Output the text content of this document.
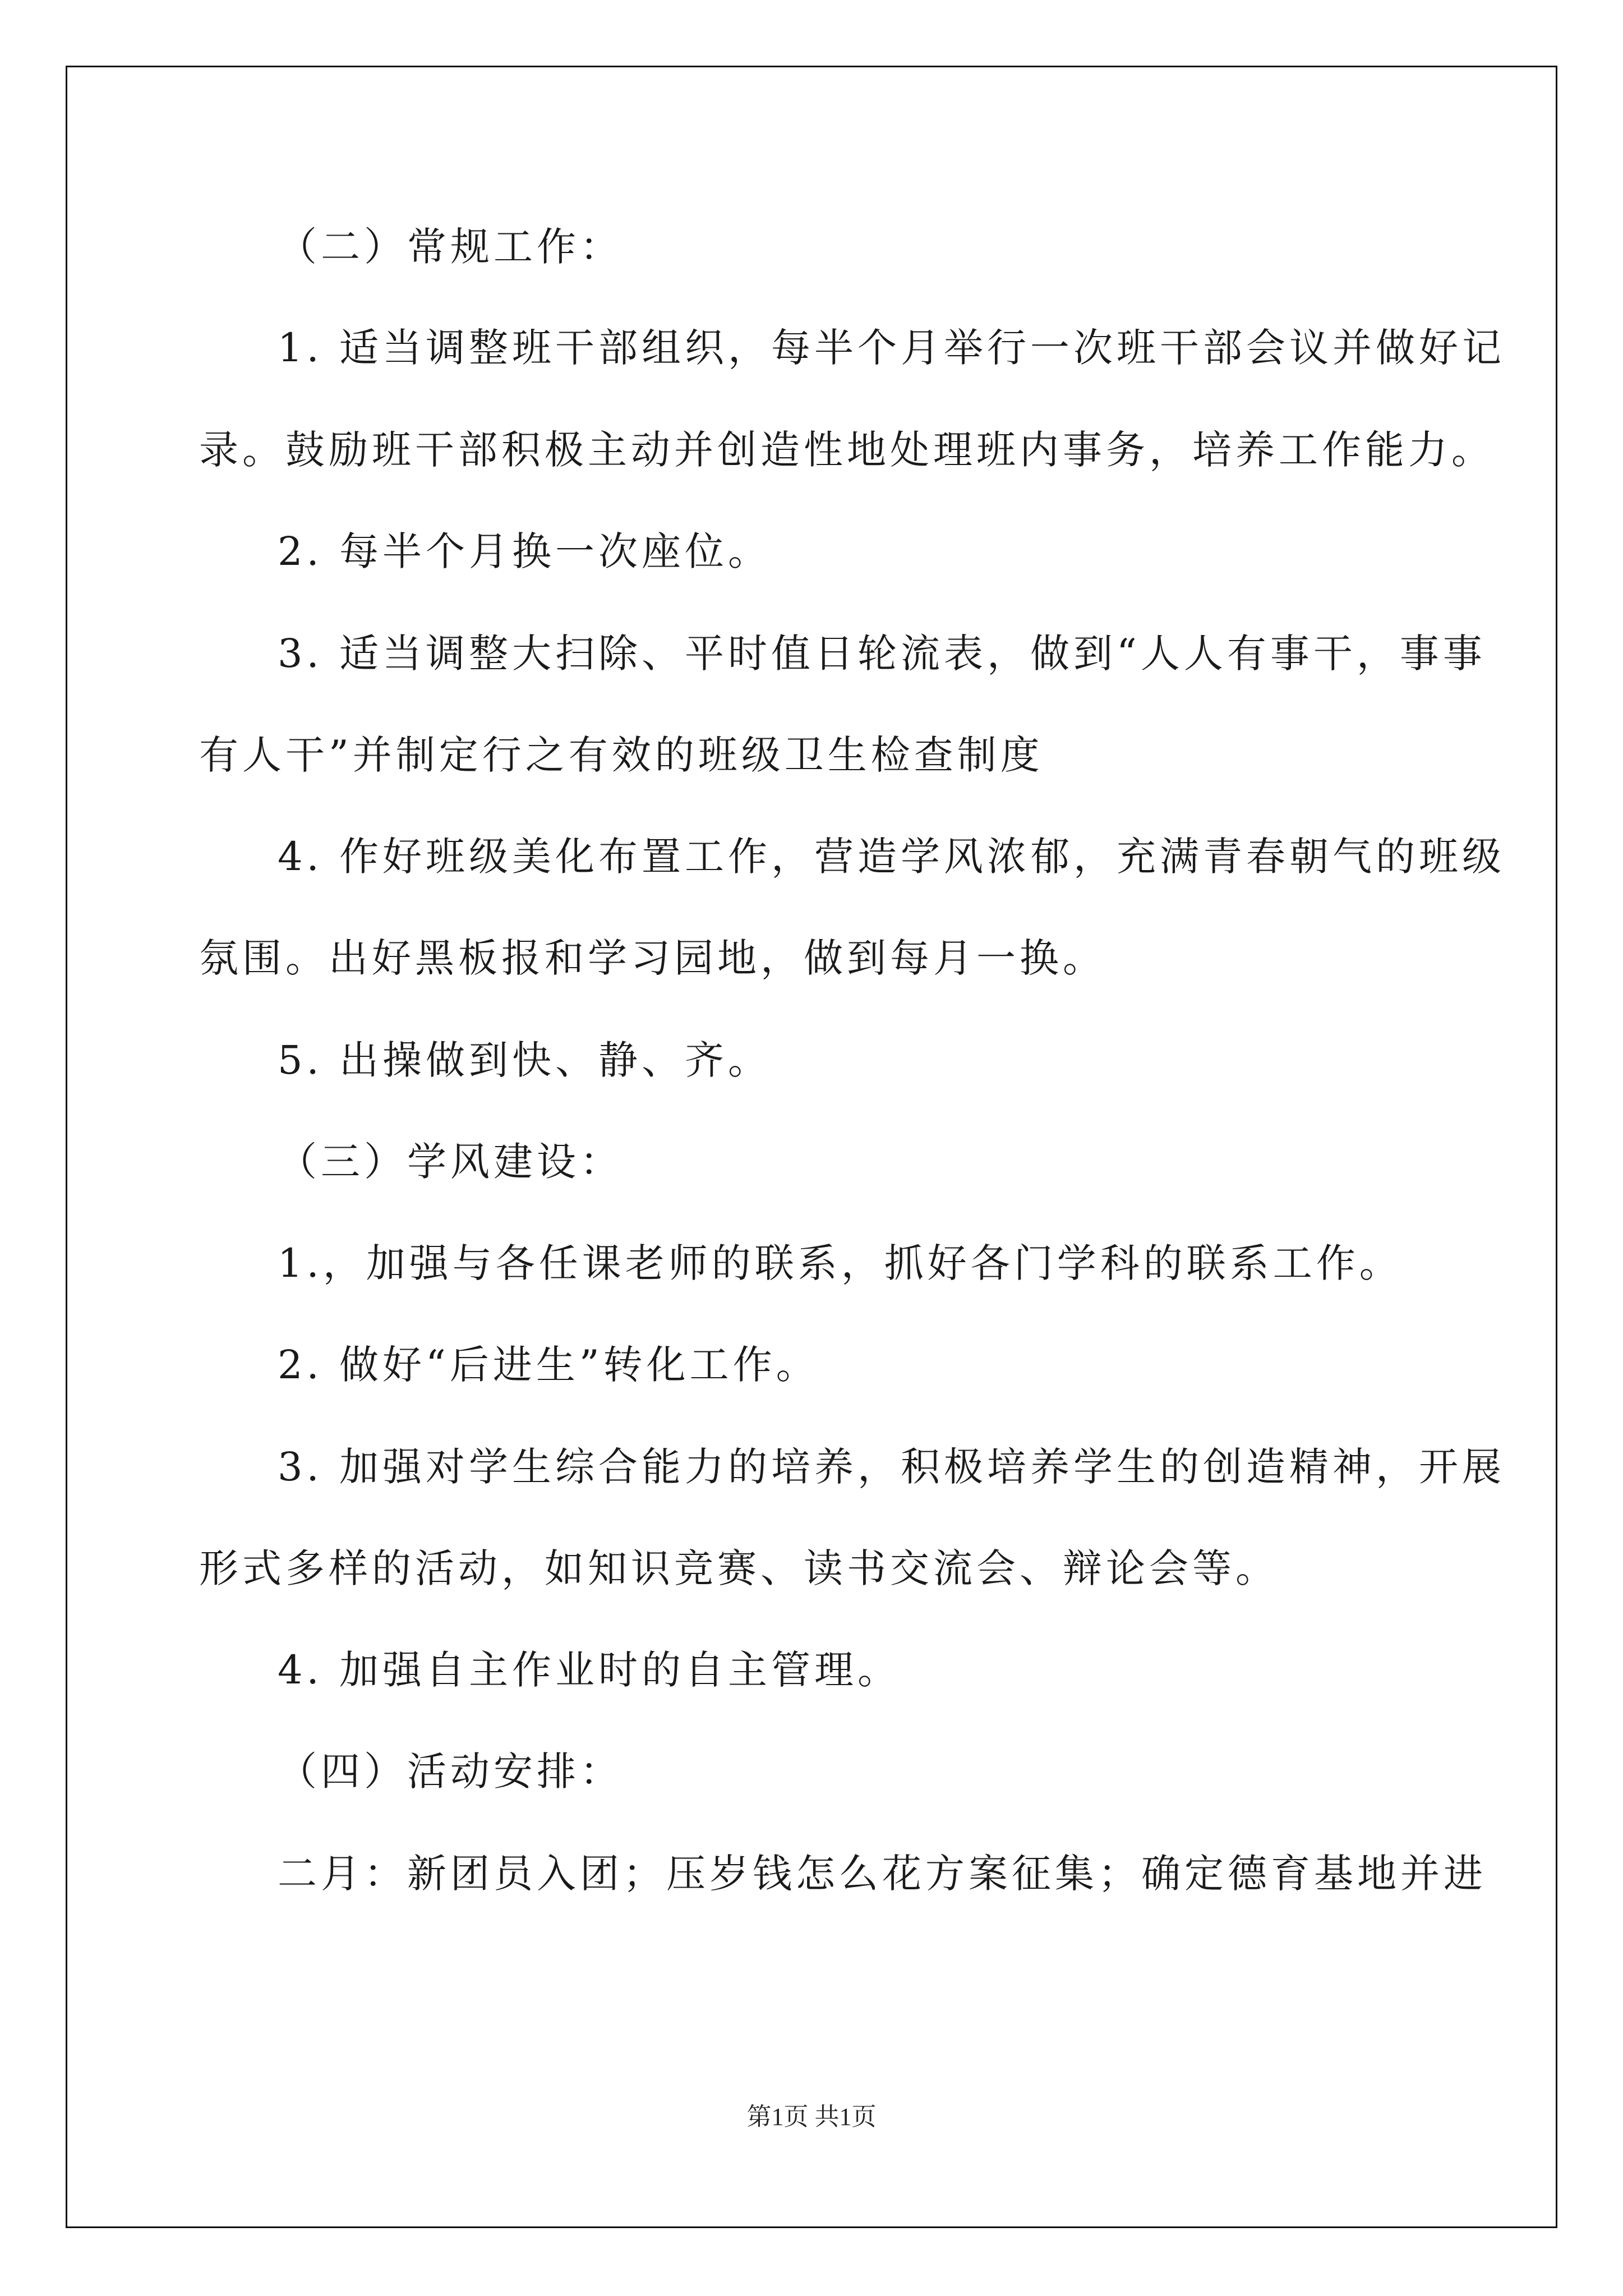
（二）常规工作：
1. 适当调整班干部组织，每半个月举行一次班干部会议并做好记
录。鼓励班干部积极主动并创造性地处理班内事务，培养工作能力。
2. 每半个月换一次座位。
3. 适当调整大扫除、平时值日轮流表，做到“人人有事干，事事
有人干”并制定行之有效的班级卫生检查制度
4. 作好班级美化布置工作，营造学风浓郁，充满青春朝气的班级
氛围。出好黑板报和学习园地，做到每月一换。
5. 出操做到快、静、齐。
（三）学风建设：
1.，加强与各任课老师的联系，抓好各门学科的联系工作。
2. 做好“后进生”转化工作。
3. 加强对学生综合能力的培养，积极培养学生的创造精神，开展
形式多样的活动，如知识竞赛、读书交流会、辩论会等。
4. 加强自主作业时的自主管理。
（四）活动安排：
二月：新团员入团；压岁钱怎么花方案征集；确定德育基地并进
第1页 共1页
